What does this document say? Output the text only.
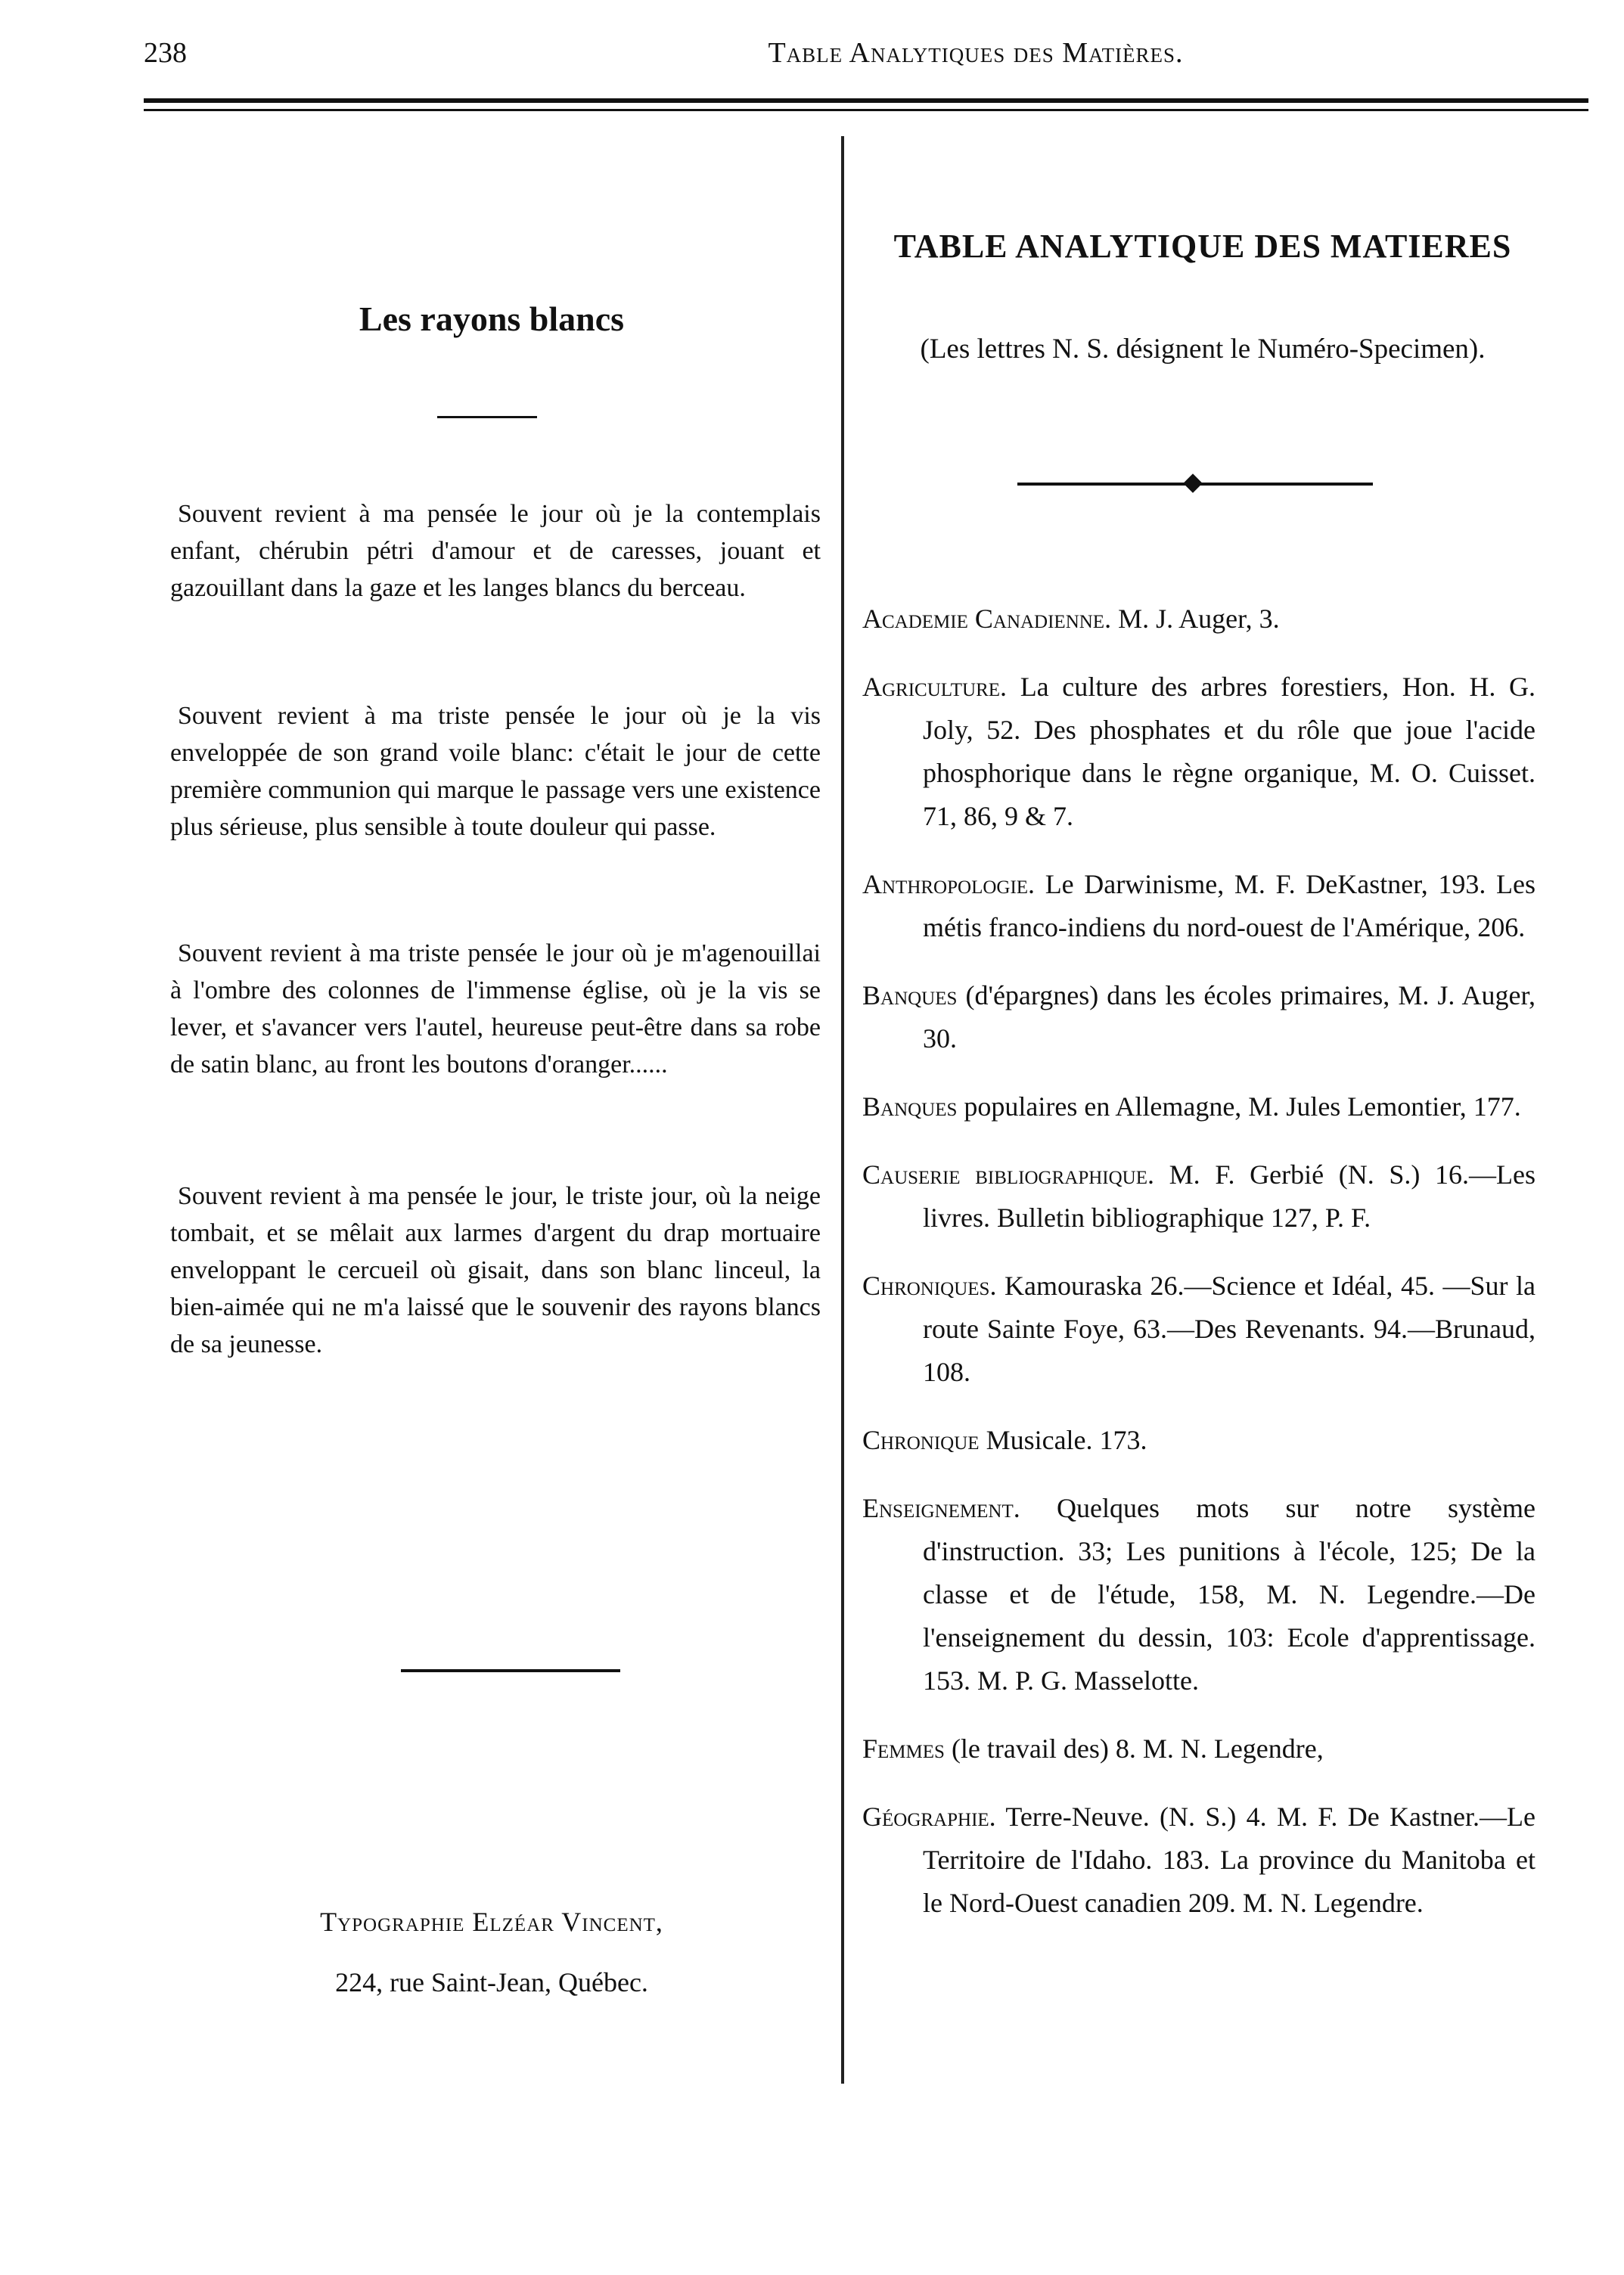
238	Table Analytiques des Matières.
Les rayons blancs

Souvent revient à ma pensée le jour où je la contemplais enfant, chérubin pétri d'amour et de caresses, jouant et gazouillant dans la gaze et les langes blancs du berceau.

Souvent revient à ma triste pensée le jour où je la vis enveloppée de son grand voile blanc: c'était le jour de cette première communion qui marque le passage vers une existence plus sérieuse, plus sensible à toute douleur qui passe.

Souvent revient à ma triste pensée le jour où je m'agenouillai à l'ombre des colonnes de l'immense église, où je la vis se lever, et s'avancer vers l'autel, heureuse peut-être dans sa robe de satin blanc, au front les boutons d'oranger......

Souvent revient à ma pensée le jour, le triste jour, où la neige tombait, et se mêlait aux larmes d'argent du drap mortuaire enveloppant le cercueil où gisait, dans son blanc linceul, la bien-aimée qui ne m'a laissé que le souvenir des rayons blancs de sa jeunesse.

Typographie Elzéar Vincent,
224, rue Saint-Jean, Québec.
TABLE ANALYTIQUE DES MATIERES
(Les lettres N. S. désignent le Numéro-Specimen).

Academie Canadienne. M. J. Auger, 3.

Agriculture. La culture des arbres forestiers, Hon. H. G. Joly, 52. Des phosphates et du rôle que joue l'acide phosphorique dans le règne organique, M. O. Cuisset. 71, 86, 9 & 7.

Anthropologie. Le Darwinisme, M. F. DeKastner, 193. Les métis franco-indiens du nord-ouest de l'Amérique, 206.

Banques (d'épargnes) dans les écoles primaires, M. J. Auger, 30.

Banques populaires en Allemagne, M. Jules Lemontier, 177.

Causerie bibliographique. M. F. Gerbié (N. S.) 16.—Les livres. Bulletin bibliographique 127, P. F.

Chroniques. Kamouraska 26.—Science et Idéal, 45. —Sur la route Sainte Foye, 63.—Des Revenants. 94.—Brunaud, 108.

Chronique Musicale. 173.

Enseignement. Quelques mots sur notre système d'instruction. 33; Les punitions à l'école, 125; De la classe et de l'étude, 158, M. N. Legendre.—De l'enseignement du dessin, 103: Ecole d'apprentissage. 153. M. P. G. Masselotte.

Femmes (le travail des) 8. M. N. Legendre,

Géographie. Terre-Neuve. (N. S.) 4. M. F. De Kastner.—Le Territoire de l'Idaho. 183. La province du Manitoba et le Nord-Ouest canadien 209. M. N. Legendre.
